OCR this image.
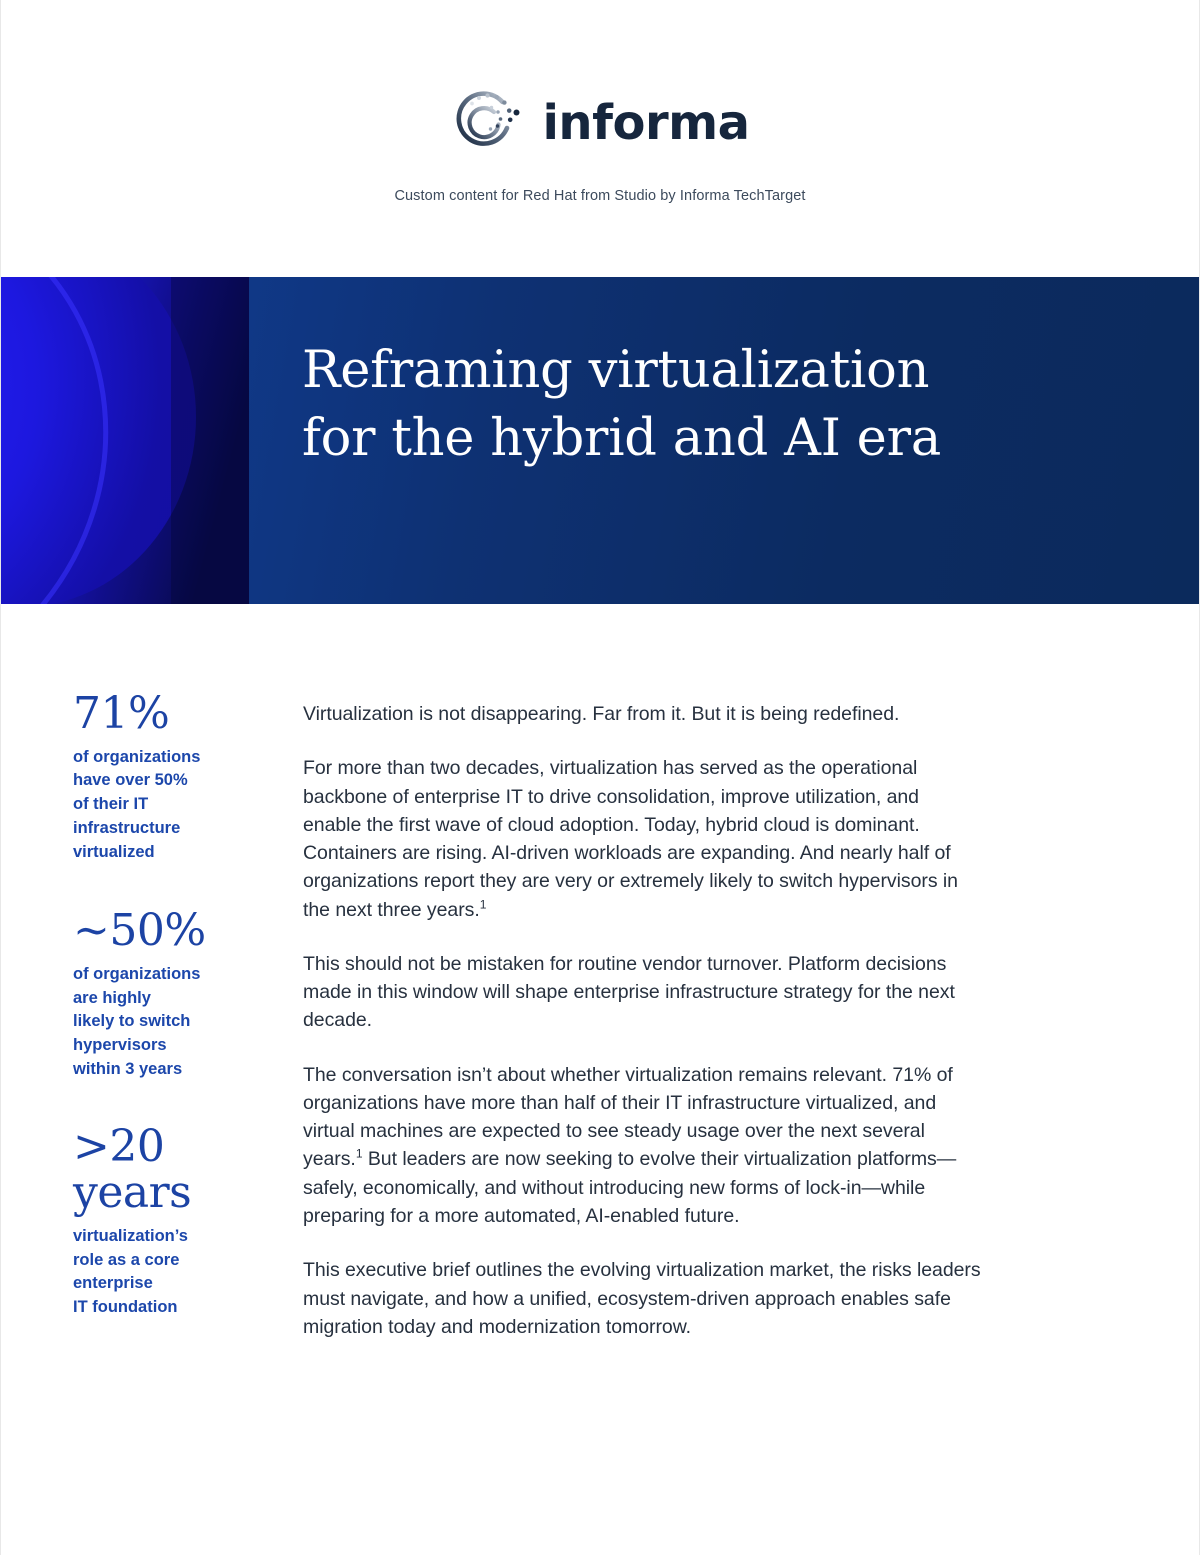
informa
Custom content for Red Hat from Studio by Informa TechTarget
Reframing virtualization
for the hybrid and AI era
71%
of organizations
have over 50%
of their IT
infrastructure
virtualized
~50%
of organizations
are highly
likely to switch
hypervisors
within 3 years
>20
years
virtualization’s
role as a core
enterprise
IT foundation

Virtualization is not disappearing. Far from it. But it is being redefined.

For more than two decades, virtualization has served as the operational backbone of enterprise IT to drive consolidation, improve utilization, and enable the first wave of cloud adoption. Today, hybrid cloud is dominant. Containers are rising. AI-driven workloads are expanding. And nearly half of organizations report they are very or extremely likely to switch hypervisors in the next three years.$^1$

This should not be mistaken for routine vendor turnover. Platform decisions made in this window will shape enterprise infrastructure strategy for the next decade.

The conversation isn’t about whether virtualization remains relevant. 71% of organizations have more than half of their IT infrastructure virtualized, and virtual machines are expected to see steady usage over the next several years.$^1$ But leaders are now seeking to evolve their virtualization platforms—safely, economically, and without introducing new forms of lock-in—while preparing for a more automated, AI-enabled future.

This executive brief outlines the evolving virtualization market, the risks leaders must navigate, and how a unified, ecosystem-driven approach enables safe migration today and modernization tomorrow.
